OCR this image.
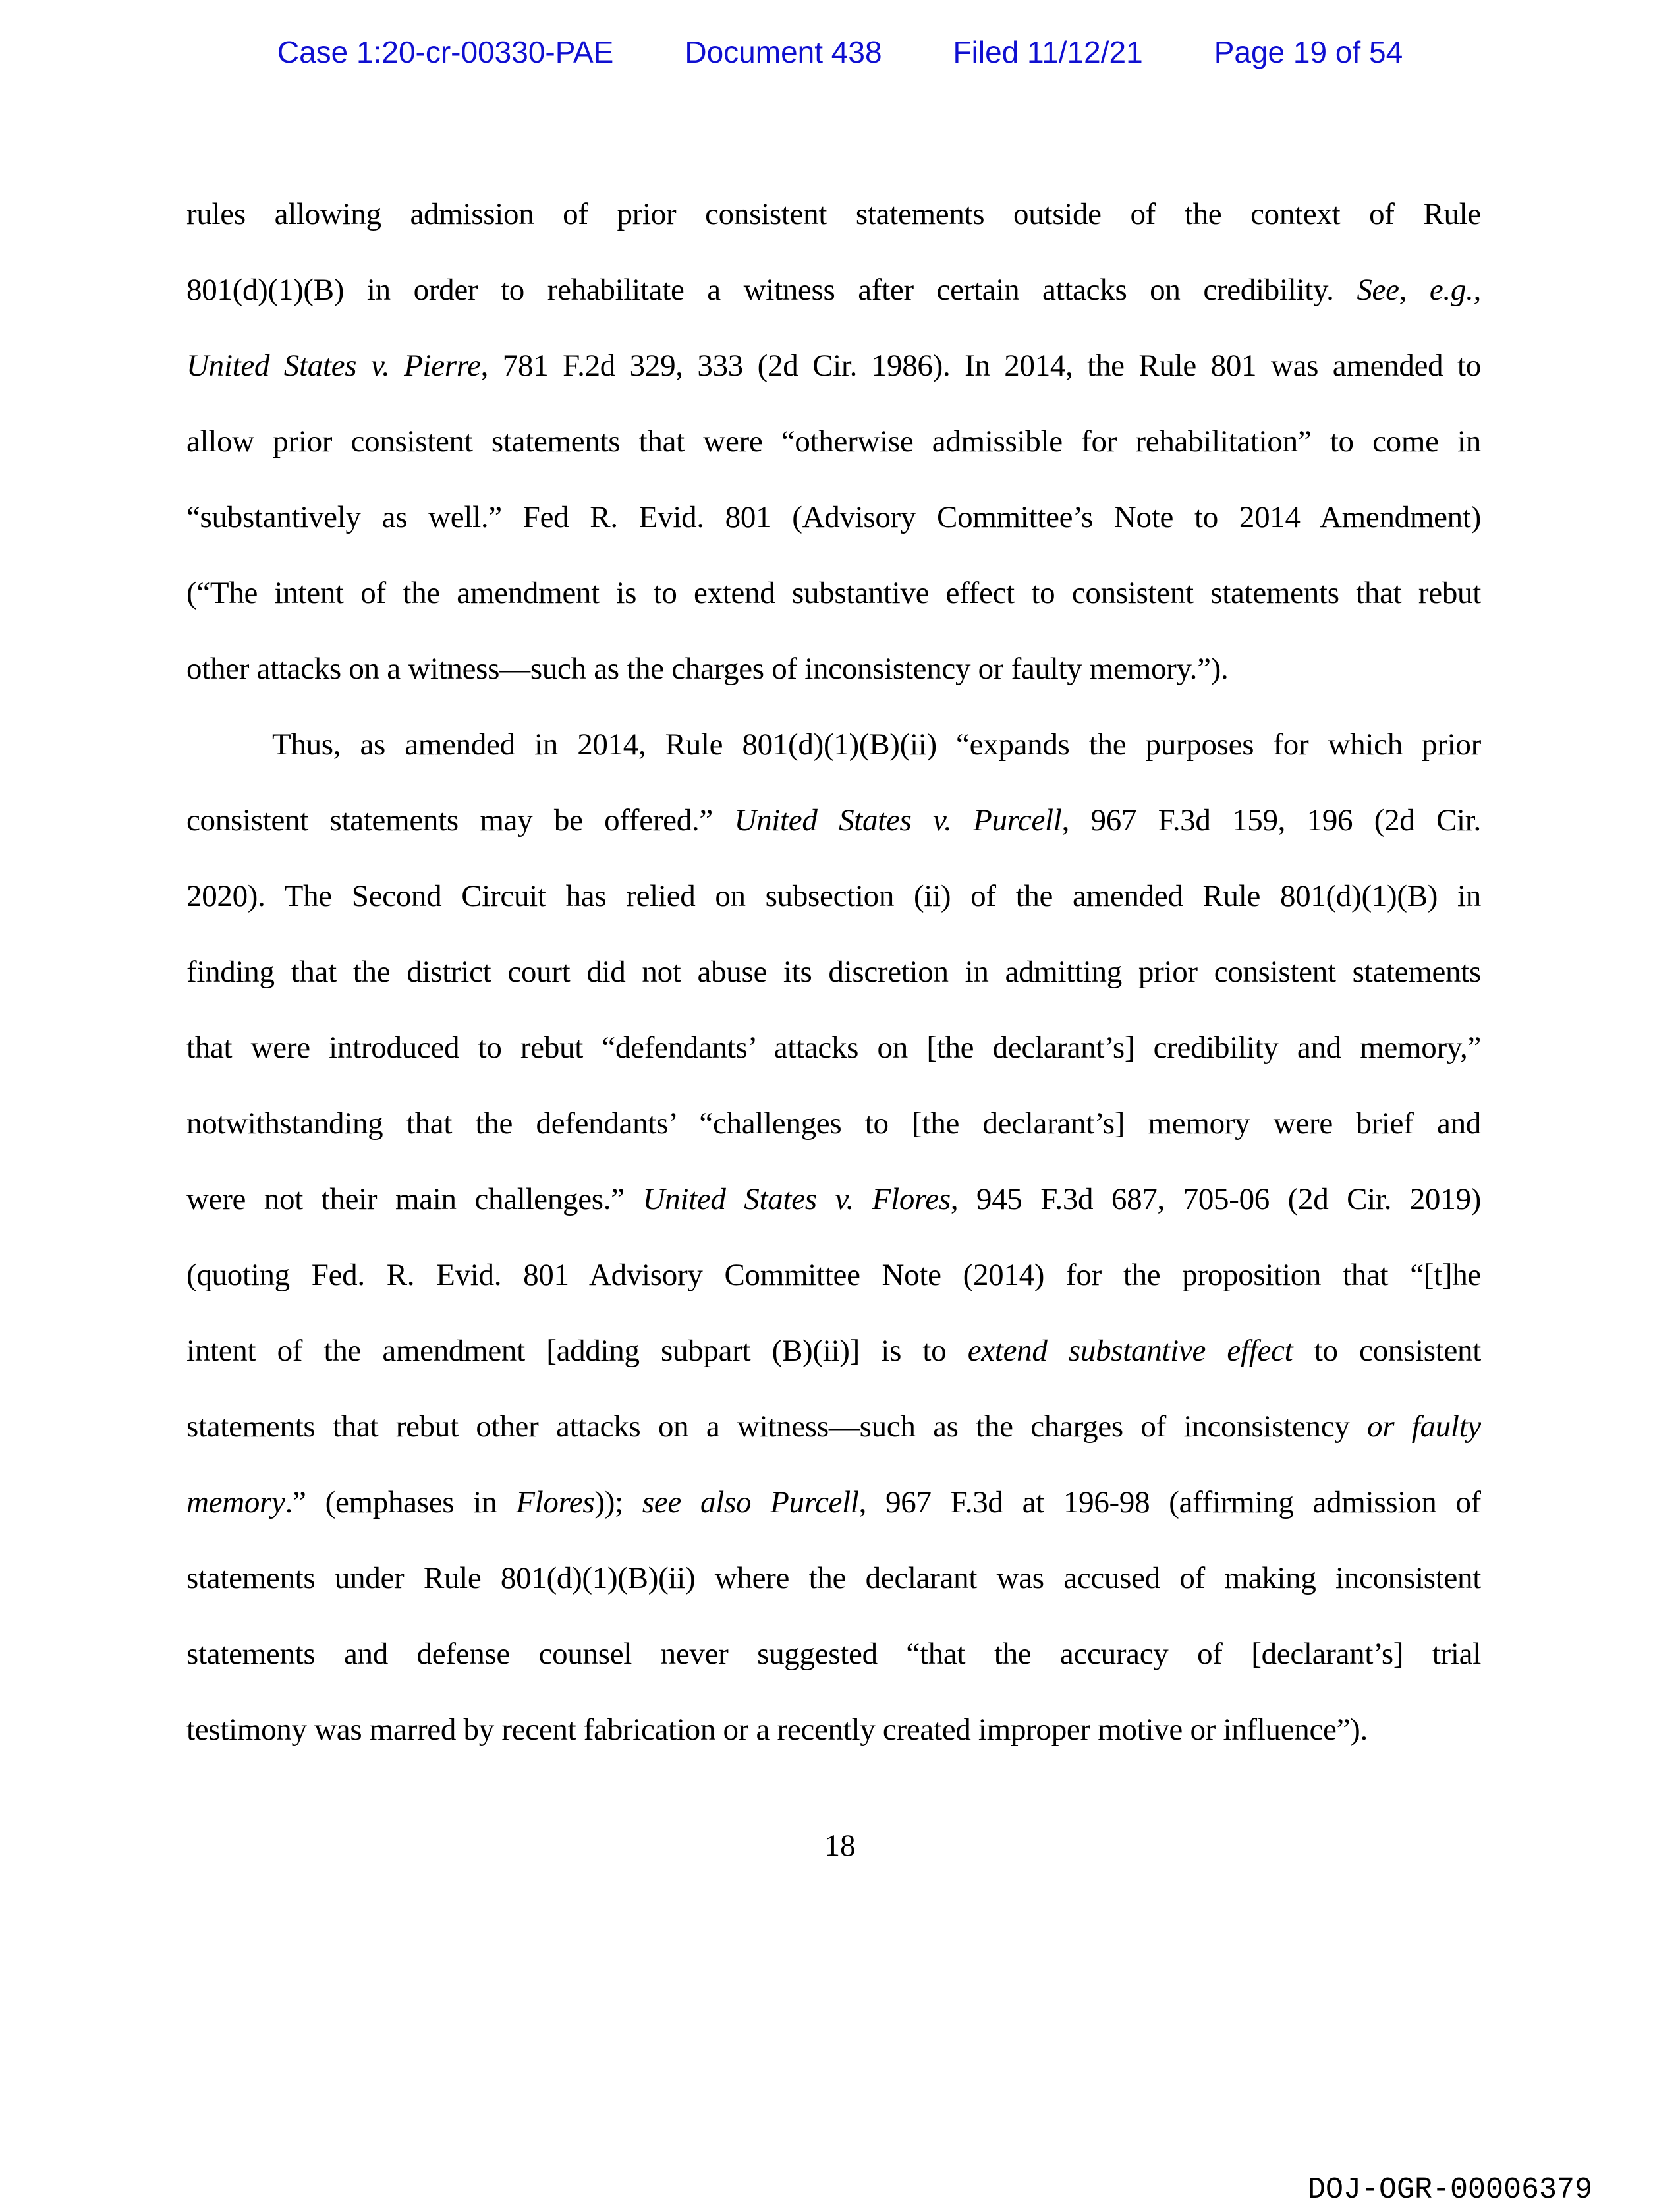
Case 1:20-cr-00330-PAE Document 438 Filed 11/12/21 Page 19 of 54
rules allowing admission of prior consistent statements outside of the context of Rule
801(d)(1)(B) in order to rehabilitate a witness after certain attacks on credibility. See, e.g.,
United States v. Pierre, 781 F.2d 329, 333 (2d Cir. 1986). In 2014, the Rule 801 was amended to
allow prior consistent statements that were “otherwise admissible for rehabilitation” to come in
“substantively as well.” Fed R. Evid. 801 (Advisory Committee’s Note to 2014 Amendment)
(“The intent of the amendment is to extend substantive effect to consistent statements that rebut
other attacks on a witness—such as the charges of inconsistency or faulty memory.”).
Thus, as amended in 2014, Rule 801(d)(1)(B)(ii) “expands the purposes for which prior
consistent statements may be offered.” United States v. Purcell, 967 F.3d 159, 196 (2d Cir.
2020). The Second Circuit has relied on subsection (ii) of the amended Rule 801(d)(1)(B) in
finding that the district court did not abuse its discretion in admitting prior consistent statements
that were introduced to rebut “defendants’ attacks on [the declarant’s] credibility and memory,”
notwithstanding that the defendants’ “challenges to [the declarant’s] memory were brief and
were not their main challenges.” United States v. Flores, 945 F.3d 687, 705-06 (2d Cir. 2019)
(quoting Fed. R. Evid. 801 Advisory Committee Note (2014) for the proposition that “[t]he
intent of the amendment [adding subpart (B)(ii)] is to extend substantive effect to consistent
statements that rebut other attacks on a witness—such as the charges of inconsistency or faulty
memory.” (emphases in Flores)); see also Purcell, 967 F.3d at 196-98 (affirming admission of
statements under Rule 801(d)(1)(B)(ii) where the declarant was accused of making inconsistent
statements and defense counsel never suggested “that the accuracy of [declarant’s] trial
testimony was marred by recent fabrication or a recently created improper motive or influence”).
18
DOJ-OGR-00006379
